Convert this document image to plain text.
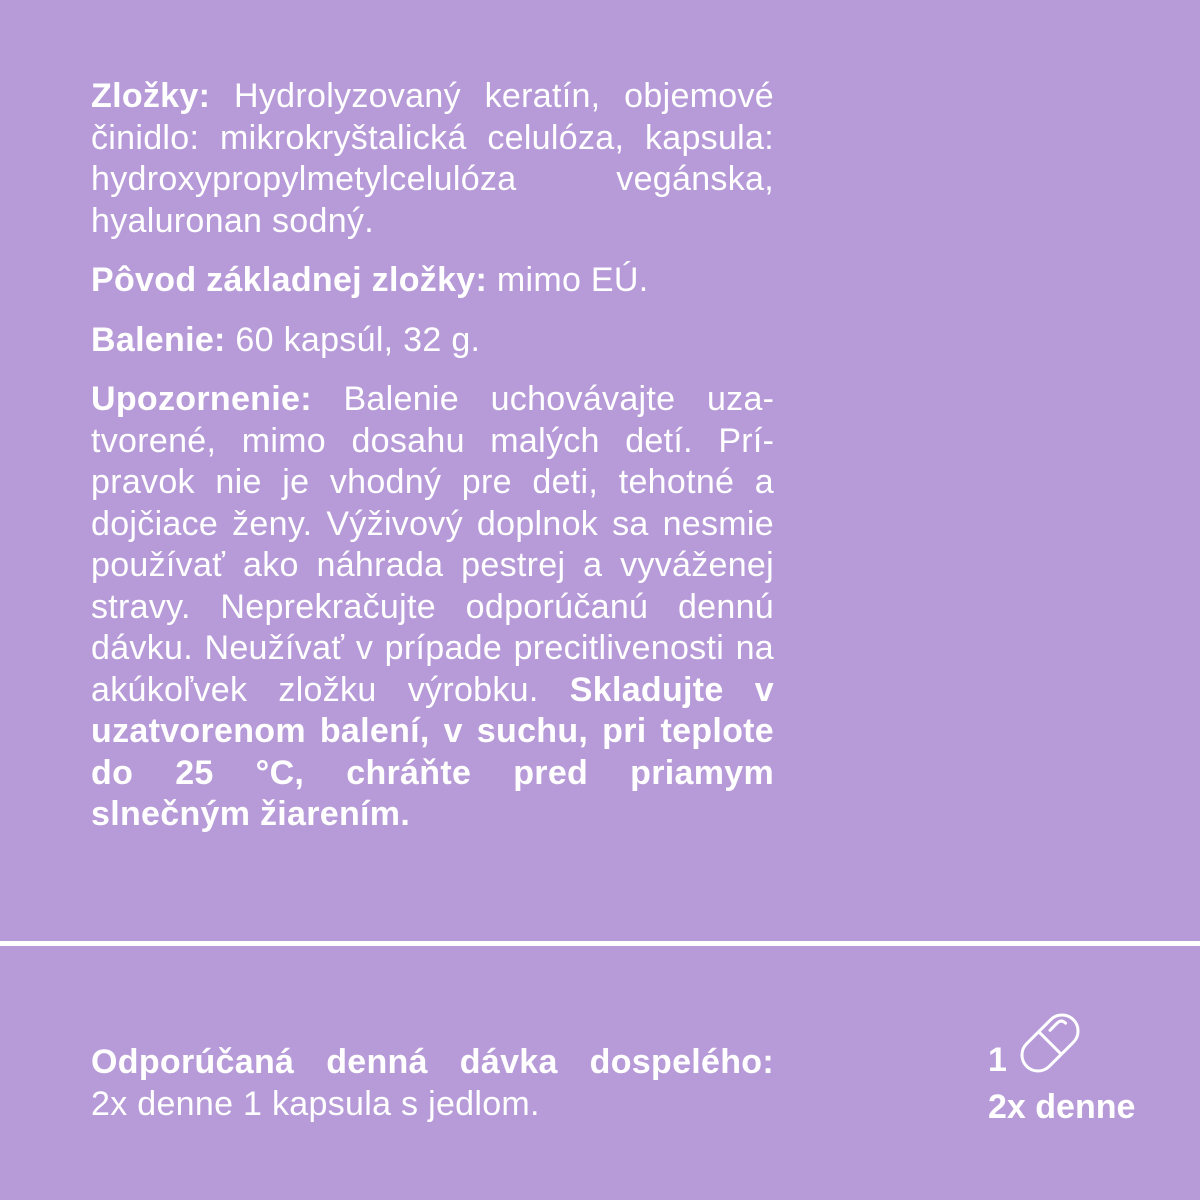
Zložky: Hydrolyzovaný keratín, objemové činidlo: mikrokryštalická celulóza, kapsula: hydroxypropylmetylcelulóza vegánska, hyaluronan sodný.

Pôvod základnej zložky: mimo EÚ.

Balenie: 60 kapsúl, 32 g.

Upozornenie: Balenie uchovávajte uzatvorené, mimo dosahu malých detí. Prípravok nie je vhodný pre deti, tehotné a dojčiace ženy. Výživový doplnok sa nesmie používať ako náhrada pestrej a vyváženej stravy. Neprekračujte odporúčanú dennú dávku. Neužívať v prípade precitlivenosti na akúkoľvek zložku výrobku. Skladujte v uzatvorenom balení, v suchu, pri teplote do 25 °C, chráňte pred priamym slnečným žiarením.

Odporúčaná denná dávka dospelého:
2x denne 1 kapsula s jedlom.
1
2x denne
